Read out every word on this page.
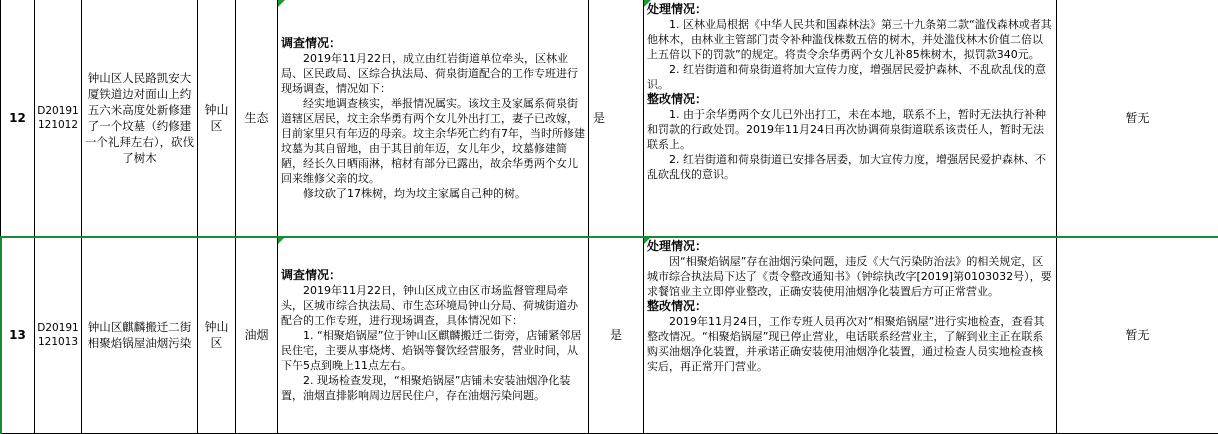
12 D20191121012
钟山区人民路凯安大厦铁道边对面山上约五六米高度处新修建了一个坟墓（约修建一个礼拜左右），砍伐了树木
钟山区
生态

调查情况：

2019年11月22日，成立由红岩街道单位牵头，区林业局、区民政局、区综合执法局、荷泉街道配合的工作专班进行现场调查，情况如下：

经实地调查核实，举报情况属实。该坟主及家属系荷泉街道辖区居民，坟主余华勇有两个女儿外出打工，妻子已改嫁，目前家里只有年迈的母亲。坟主余华死亡约有7年，当时所修建坟墓为其自留地，由于其目前年迈，女儿年少，坟墓修建简陋，经长久日晒雨淋，棺材有部分已露出，故余华勇两个女儿回来维修父亲的坟。

修坟砍了17株树，均为坟主家属自己种的树。

是

处理情况：

1. 区林业局根据《中华人民共和国森林法》第三十九条第二款“滥伐森林或者其他林木，由林业主管部门责令补种滥伐株数五倍的树木，并处滥伐林木价值二倍以上五倍以下的罚款”的规定。将责令余华勇两个女儿补85株树木，拟罚款340元。

2. 红岩街道和荷泉街道将加大宣传力度，增强居民爱护森林、不乱砍乱伐的意识。

整改情况：

1. 由于余华勇两个女儿已外出打工，未在本地，联系不上，暂时无法执行补种和罚款的行政处罚。2019年11月24日再次协调荷泉街道联系该责任人，暂时无法联系上。

2. 红岩街道和荷泉街道已安排各居委，加大宣传力度，增强居民爱护森林、不乱砍乱伐的意识。

暂无
13 D20191121013
钟山区麒麟搬迁二街相聚焰锅屋油烟污染
钟山区
油烟

调查情况：

2019年11月22日，钟山区成立由区市场监督管理局牵头，区城市综合执法局、市生态环境局钟山分局、荷城街道办配合的工作专班，进行现场调查，具体情况如下：

1. “相聚焰锅屋”位于钟山区麒麟搬迁二街旁，店铺紧邻居民住宅，主要从事烧烤、焰锅等餐饮经营服务，营业时间，从下午5点到晚上11点左右。

2. 现场检查发现，“相聚焰锅屋”店铺未安装油烟净化装置，油烟直排影响周边居民住户，存在油烟污染问题。

是

处理情况：

因“相聚焰锅屋”存在油烟污染问题，违反《大气污染防治法》的相关规定，区城市综合执法局下达了《责令整改通知书》（钟综执改字[2019]第0103032号），要求餐馆业主立即停业整改，正确安装使用油烟净化装置后方可正常营业。

整改情况：

2019年11月24日，工作专班人员再次对“相聚焰锅屋”进行实地检查，查看其整改情况。“相聚焰锅屋”现已停止营业，电话联系经营业主，了解到业主正在联系购买油烟净化装置，并承诺正确安装使用油烟净化装置，通过检查人员实地检查核实后，再正常开门营业。

暂无
